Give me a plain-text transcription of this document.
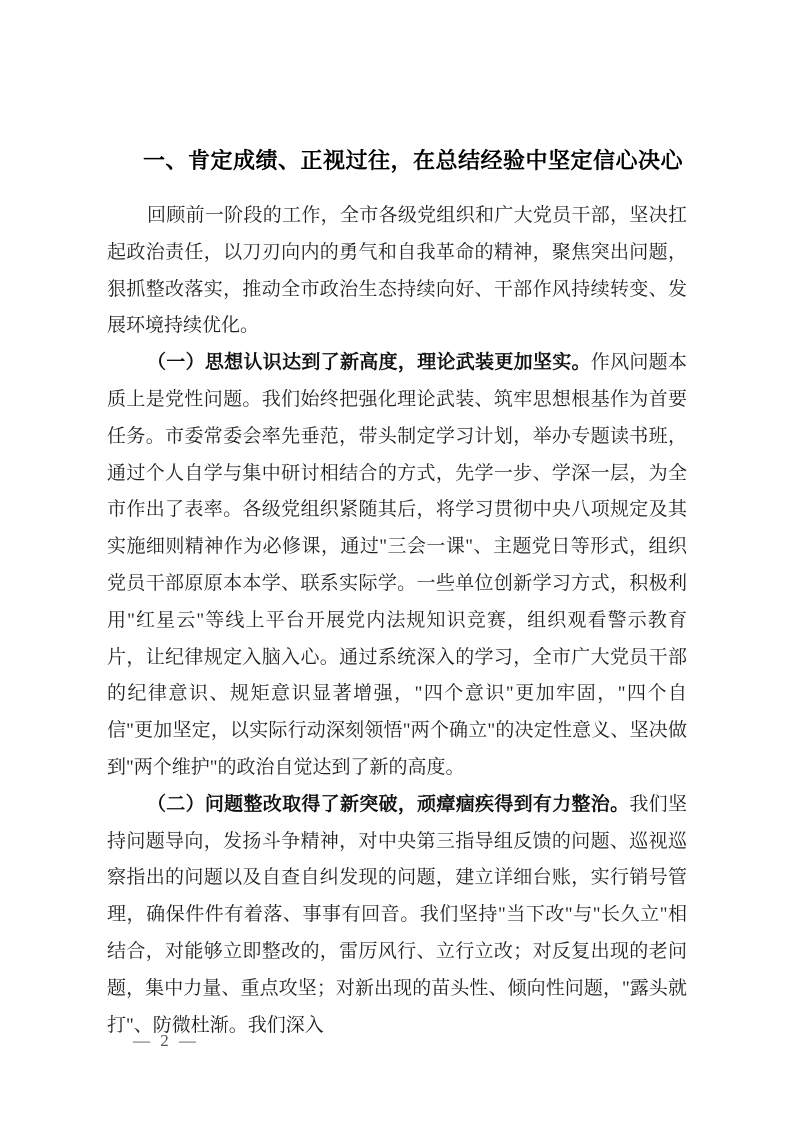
一、肯定成绩、正视过往，在总结经验中坚定信心决心

回顾前一阶段的工作，全市各级党组织和广大党员干部，坚决扛起政治责任，以刀刃向内的勇气和自我革命的精神，聚焦突出问题，狠抓整改落实，推动全市政治生态持续向好、干部作风持续转变、发展环境持续优化。

（一）思想认识达到了新高度，理论武装更加坚实。作风问题本质上是党性问题。我们始终把强化理论武装、筑牢思想根基作为首要任务。市委常委会率先垂范，带头制定学习计划，举办专题读书班，通过个人自学与集中研讨相结合的方式，先学一步、学深一层，为全市作出了表率。各级党组织紧随其后，将学习贯彻中央八项规定及其实施细则精神作为必修课，通过"三会一课"、主题党日等形式，组织党员干部原原本本学、联系实际学。一些单位创新学习方式，积极利用"红星云"等线上平台开展党内法规知识竞赛，组织观看警示教育片，让纪律规定入脑入心。通过系统深入的学习，全市广大党员干部的纪律意识、规矩意识显著增强，"四个意识"更加牢固，"四个自信"更加坚定，以实际行动深刻领悟"两个确立"的决定性意义、坚决做到"两个维护"的政治自觉达到了新的高度。

（二）问题整改取得了新突破，顽瘴痼疾得到有力整治。我们坚持问题导向，发扬斗争精神，对中央第三指导组反馈的问题、巡视巡察指出的问题以及自查自纠发现的问题，建立详细台账，实行销号管理，确保件件有着落、事事有回音。我们坚持"当下改"与"长久立"相结合，对能够立即整改的，雷厉风行、立行立改；对反复出现的老问题，集中力量、重点攻坚；对新出现的苗头性、倾向性问题，"露头就打"、防微杜渐。我们深入

— 2 —
